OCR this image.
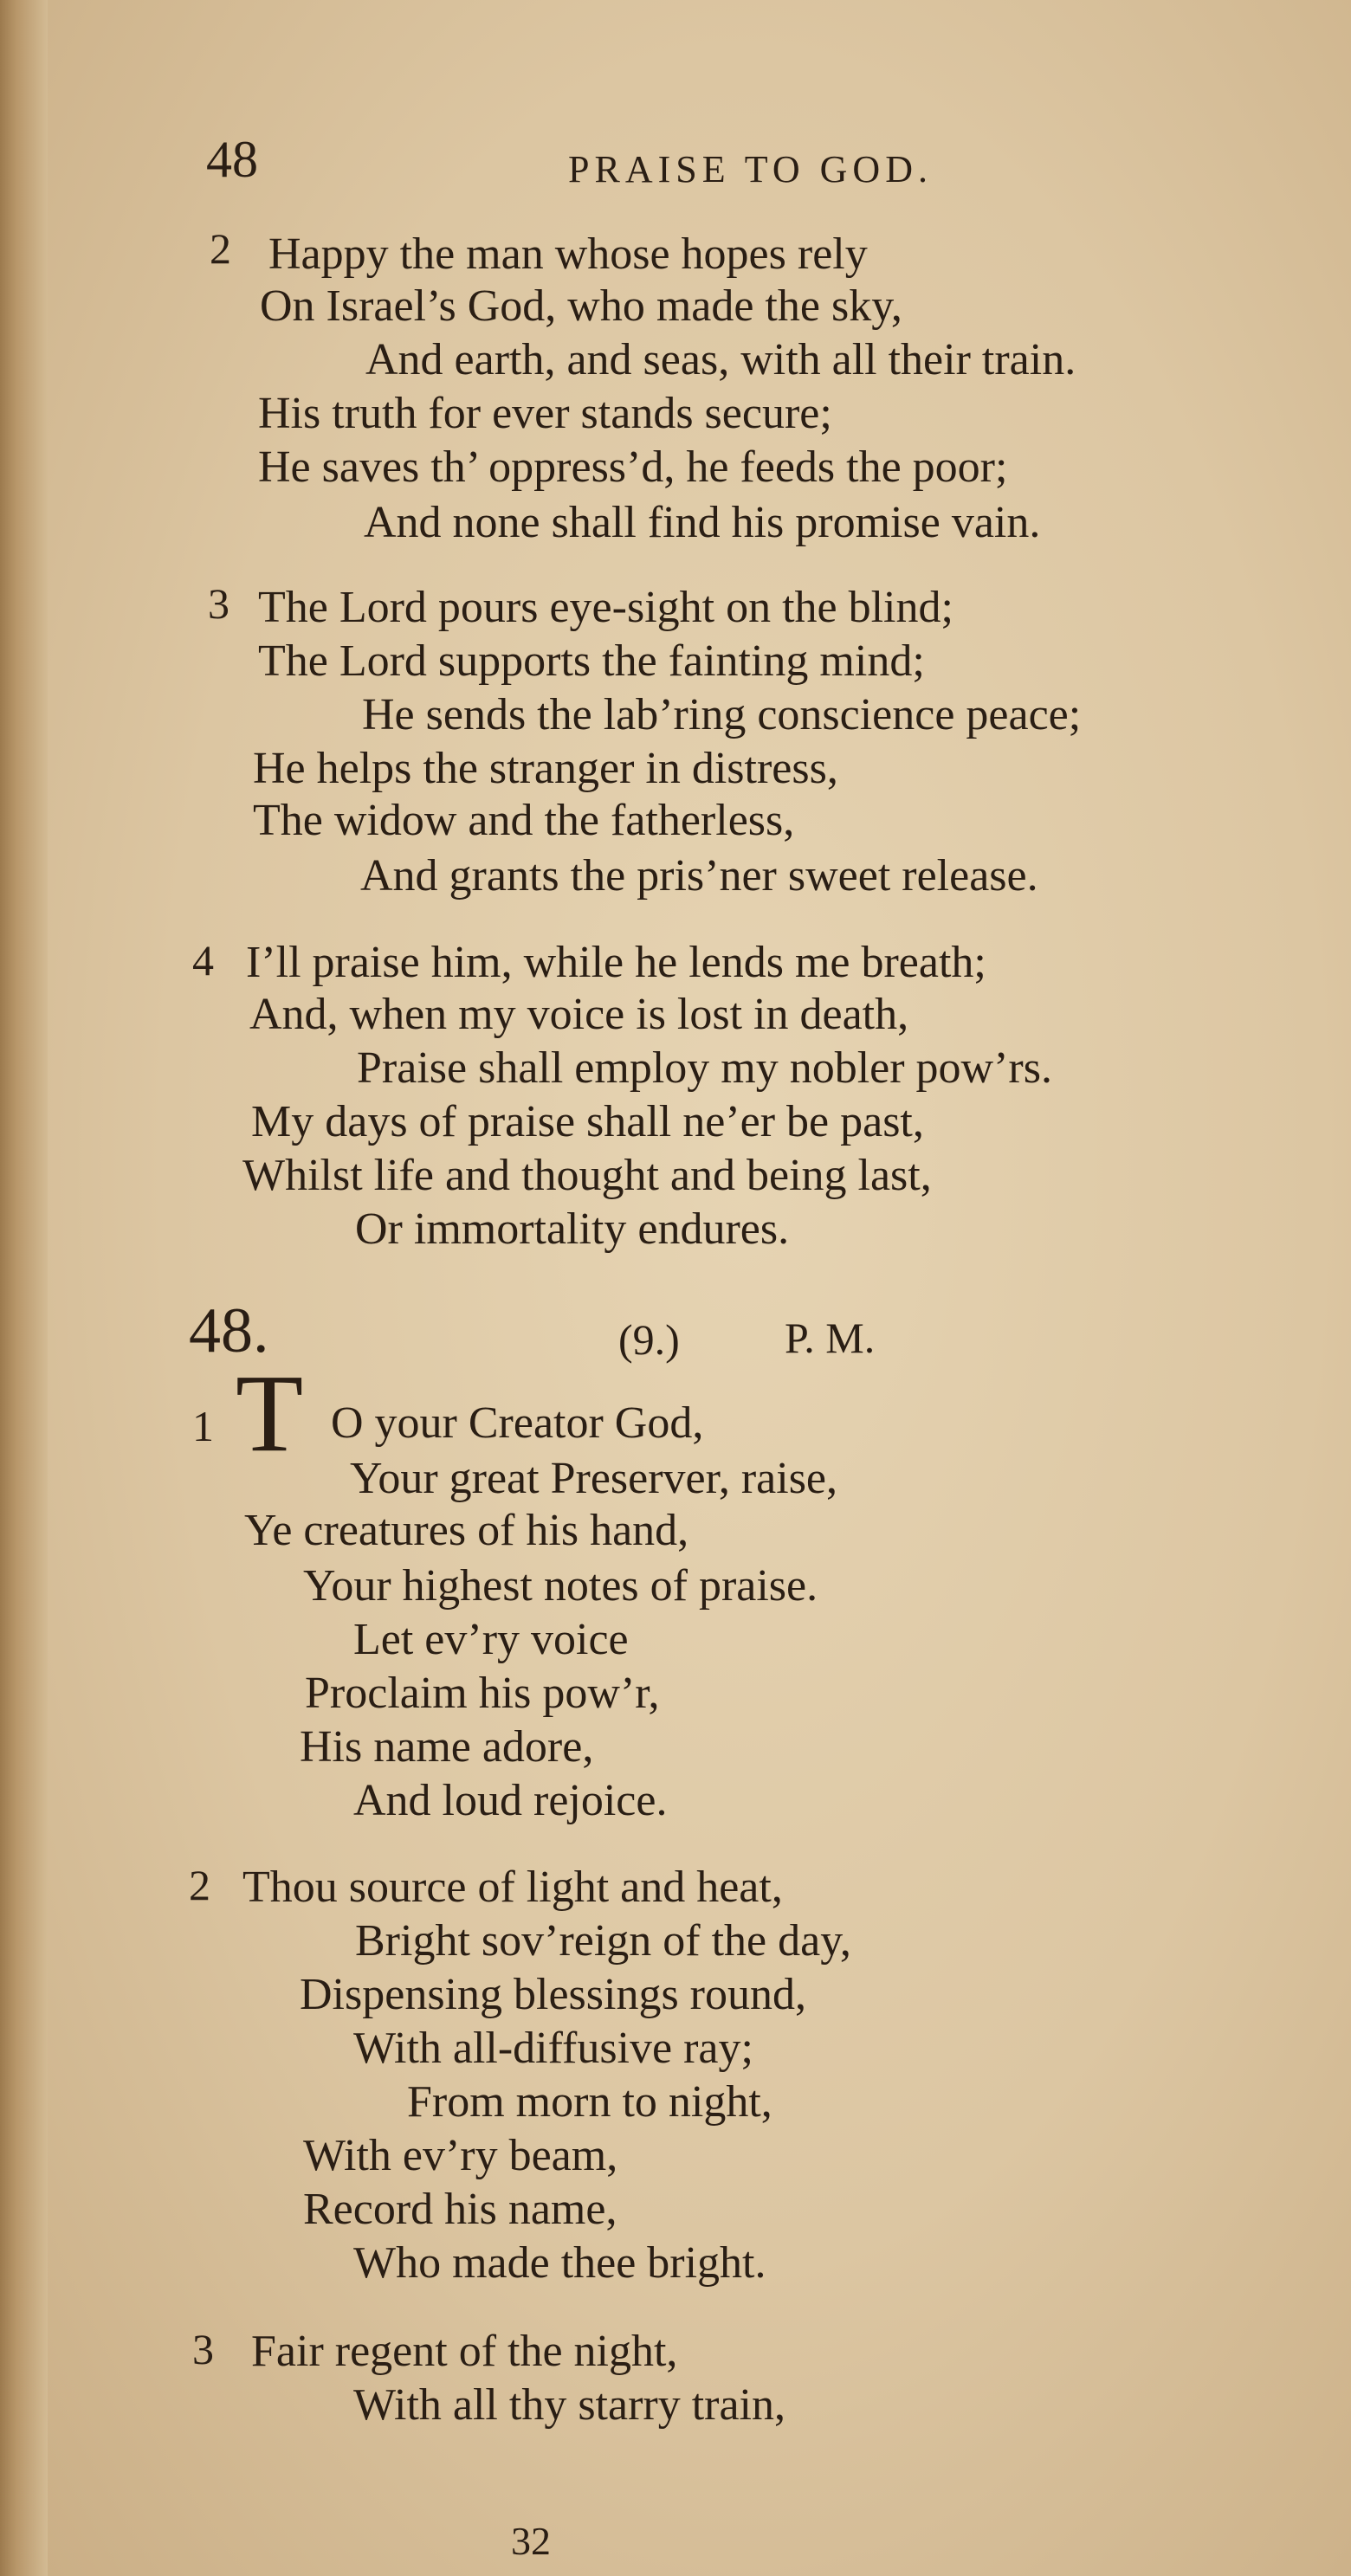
48	PRAISE TO GOD.
2 Happy the man whose hopes rely
On Israel’s God, who made the sky,
And earth, and seas, with all their train.
His truth for ever stands secure;
He saves th’ oppress’d, he feeds the poor;
And none shall find his promise vain.
3 The Lord pours eye-sight on the blind;
The Lord supports the fainting mind;
He sends the lab’ring conscience peace;
He helps the stranger in distress,
The widow and the fatherless,
And grants the pris’ner sweet release.
4 I’ll praise him, while he lends me breath;
And, when my voice is lost in death,
Praise shall employ my nobler pow’rs.
My days of praise shall ne’er be past,
Whilst life and thought and being last,
Or immortality endures.
48.	(9.) P. M.
1 T O your Creator God,
Your great Preserver, raise,
Ye creatures of his hand,
Your highest notes of praise.
Let ev’ry voice
Proclaim his pow’r,
His name adore,
And loud rejoice.
2 Thou source of light and heat,
Bright sov’reign of the day,
Dispensing blessings round,
With all-diffusive ray;
From morn to night,
With ev’ry beam,
Record his name,
Who made thee bright.
3 Fair regent of the night,
With all thy starry train,
32
